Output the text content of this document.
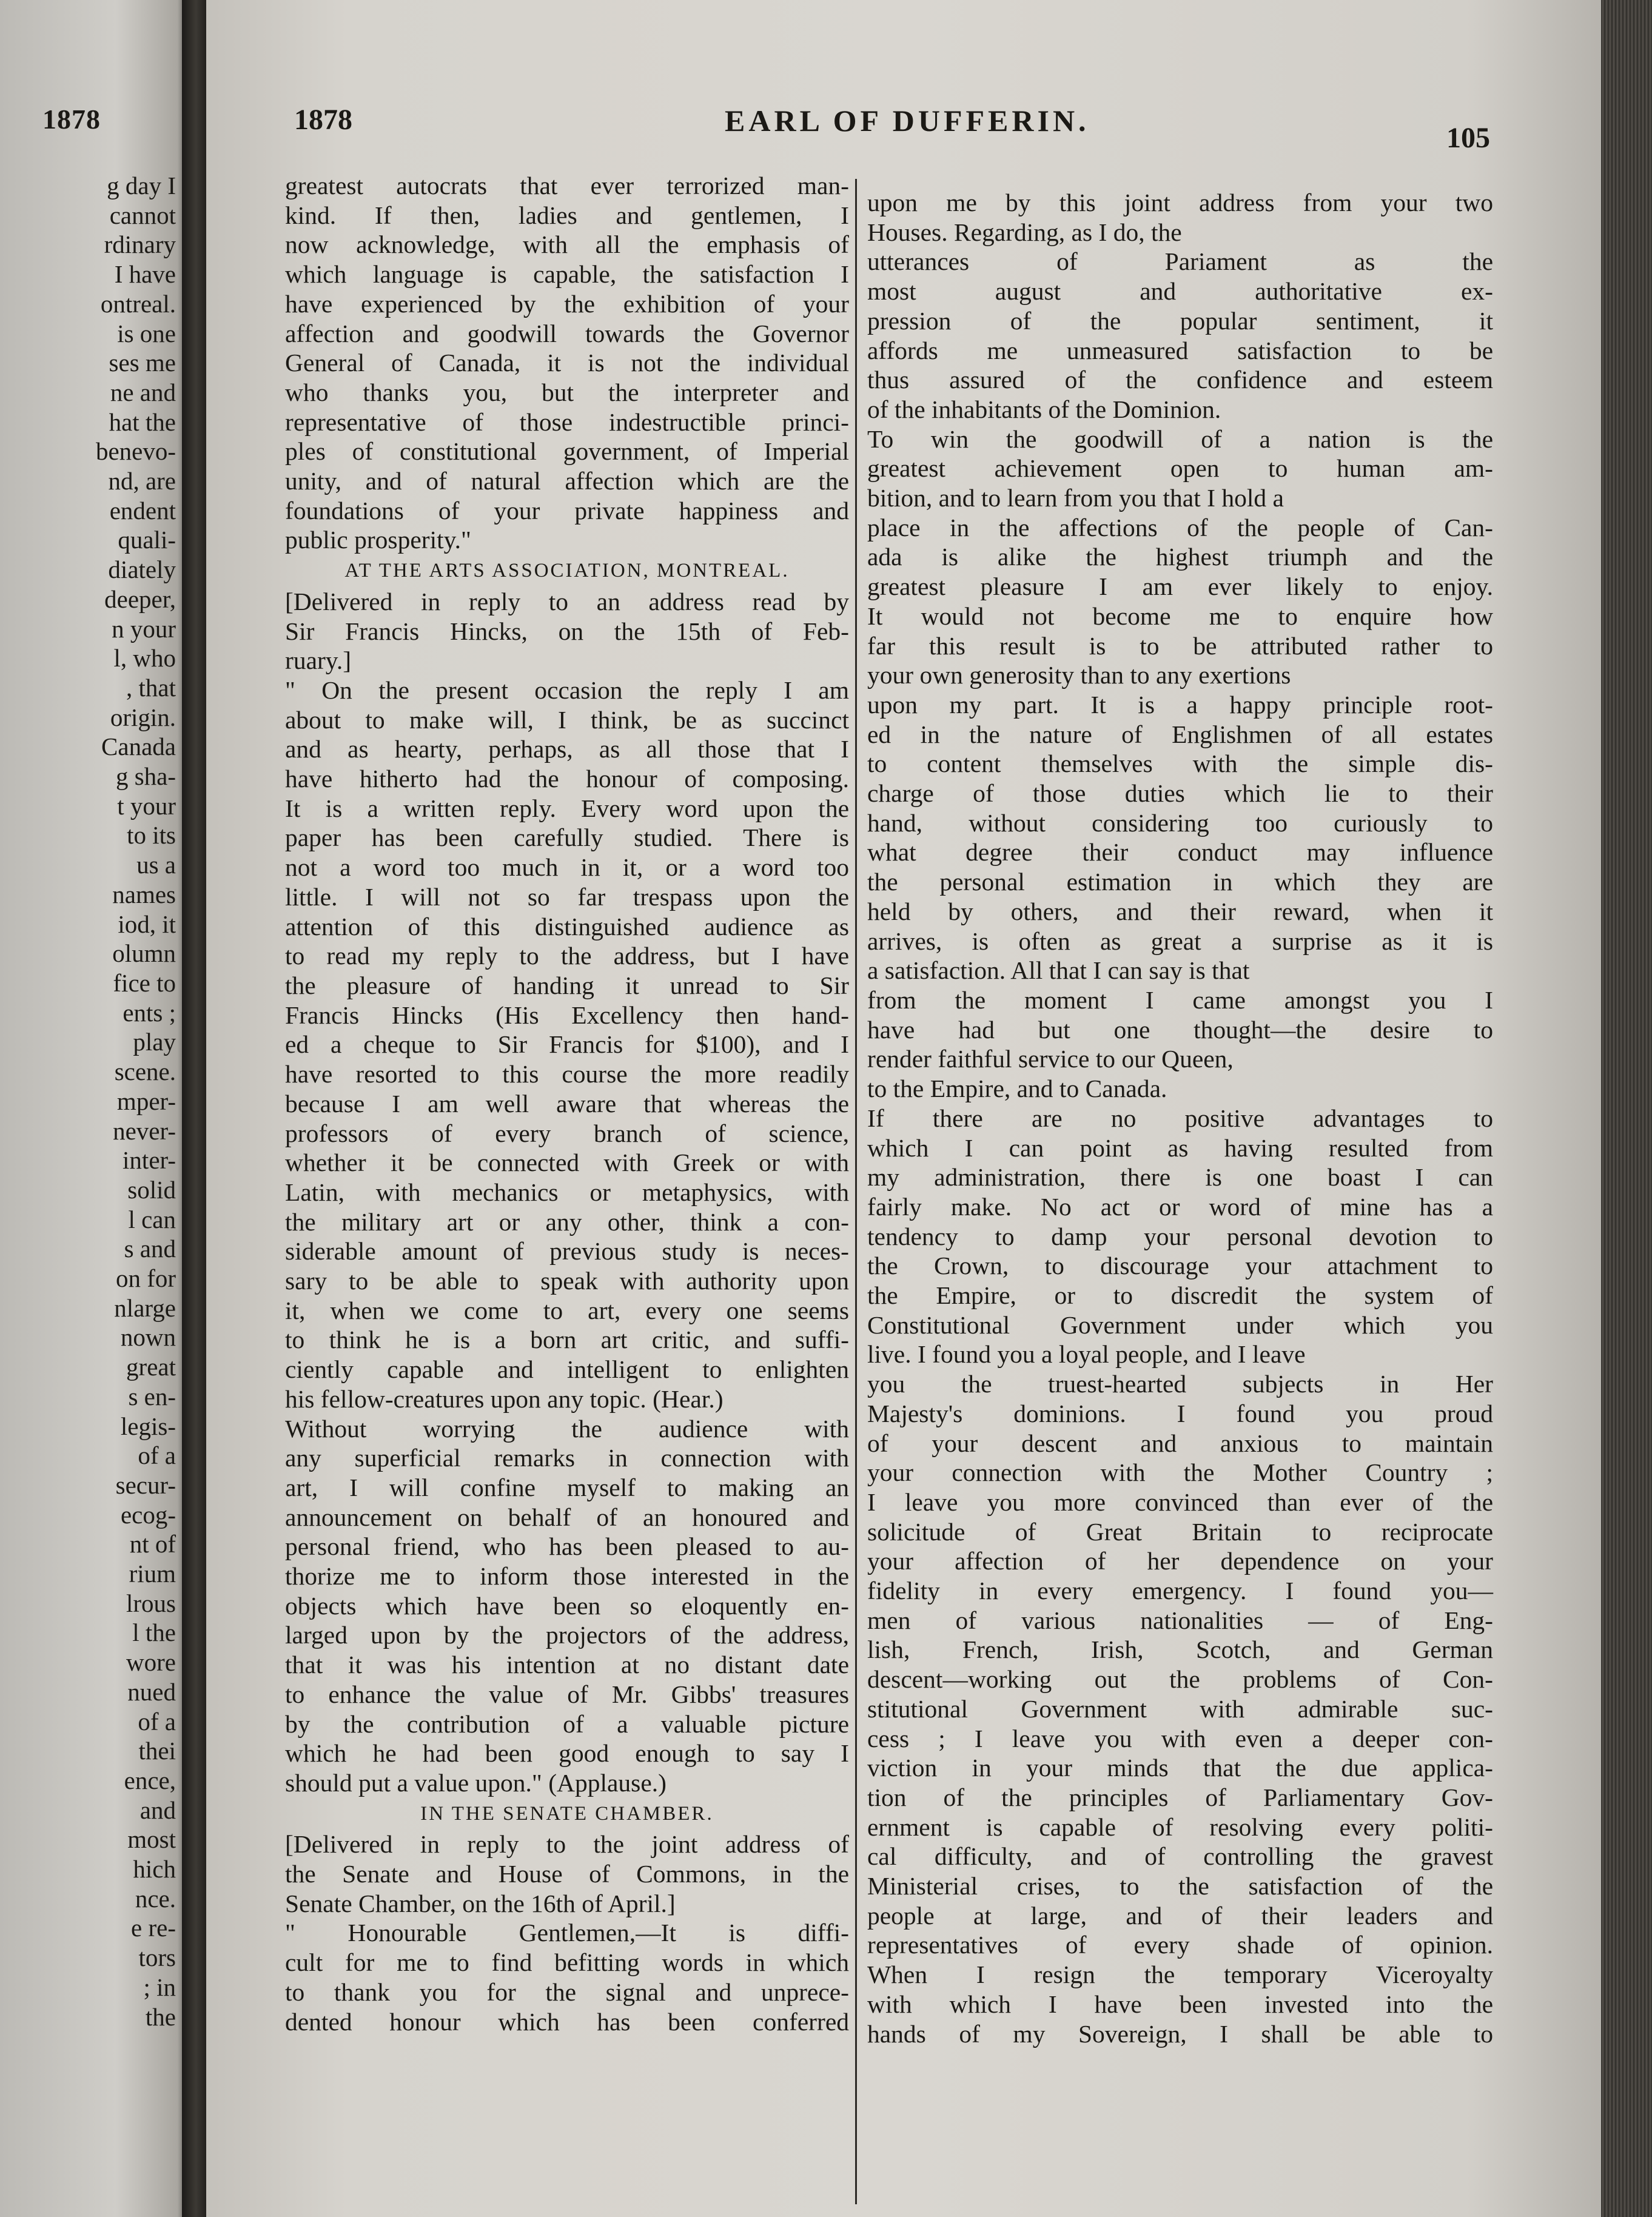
1878
g day I
cannot
rdinary
I have
ontreal.
is one
ses me
ne and
hat the
benevo-
nd, are
endent
quali-
diately
deeper,
n your
l, who
, that
origin.
Canada
g sha-
t your
to its
us a
names
iod, it
olumn
fice to
ents ;
play
scene.
mper-
never-
inter-
solid
l can
s and
on for
nlarge
nown
great
s en-
legis-
of a
secur-
ecog-
nt of
rium
lrous
l the
wore
nued
of a
thei
ence,
and
most
hich
nce.
e re-
tors
; in
the
1878	EARL OF DUFFERIN.
105
greatest autocrats that ever terrorized man-
kind. If then, ladies and gentlemen, I
now acknowledge, with all the emphasis of
which language is capable, the satisfaction I
have experienced by the exhibition of your
affection and goodwill towards the Governor
General of Canada, it is not the individual
who thanks you, but the interpreter and
representative of those indestructible princi-
ples of constitutional government, of Imperial
unity, and of natural affection which are the
foundations of your private happiness and
public prosperity."
AT THE ARTS ASSOCIATION, MONTREAL.
[Delivered in reply to an address read by
Sir Francis Hincks, on the 15th of Feb-
ruary.]
" On the present occasion the reply I am
about to make will, I think, be as succinct
and as hearty, perhaps, as all those that I
have hitherto had the honour of composing.
It is a written reply. Every word upon the
paper has been carefully studied. There is
not a word too much in it, or a word too
little. I will not so far trespass upon the
attention of this distinguished audience as
to read my reply to the address, but I have
the pleasure of handing it unread to Sir
Francis Hincks (His Excellency then hand-
ed a cheque to Sir Francis for $100), and I
have resorted to this course the more readily
because I am well aware that whereas the
professors of every branch of science,
whether it be connected with Greek or with
Latin, with mechanics or metaphysics, with
the military art or any other, think a con-
siderable amount of previous study is neces-
sary to be able to speak with authority upon
it, when we come to art, every one seems
to think he is a born art critic, and suffi-
ciently capable and intelligent to enlighten
his fellow-creatures upon any topic. (Hear.)
Without worrying the audience with
any superficial remarks in connection with
art, I will confine myself to making an
announcement on behalf of an honoured and
personal friend, who has been pleased to au-
thorize me to inform those interested in the
objects which have been so eloquently en-
larged upon by the projectors of the address,
that it was his intention at no distant date
to enhance the value of Mr. Gibbs' treasures
by the contribution of a valuable picture
which he had been good enough to say I
should put a value upon." (Applause.)
IN THE SENATE CHAMBER.
[Delivered in reply to the joint address of
the Senate and House of Commons, in the
Senate Chamber, on the 16th of April.]
" Honourable Gentlemen,—It is diffi-
cult for me to find befitting words in which
to thank you for the signal and unprece-
dented honour which has been conferred
upon me by this joint address from your two
Houses. Regarding, as I do, the
utterances of Pariament as the
most august and authoritative ex-
pression of the popular sentiment, it
affords me unmeasured satisfaction to be
thus assured of the confidence and esteem
of the inhabitants of the Dominion.
To win the goodwill of a nation is the
greatest achievement open to human am-
bition, and to learn from you that I hold a
place in the affections of the people of Can-
ada is alike the highest triumph and the
greatest pleasure I am ever likely to enjoy.
It would not become me to enquire how
far this result is to be attributed rather to
your own generosity than to any exertions
upon my part. It is a happy principle root-
ed in the nature of Englishmen of all estates
to content themselves with the simple dis-
charge of those duties which lie to their
hand, without considering too curiously to
what degree their conduct may influence
the personal estimation in which they are
held by others, and their reward, when it
arrives, is often as great a surprise as it is
a satisfaction. All that I can say is that
from the moment I came amongst you I
have had but one thought—the desire to
render faithful service to our Queen,
to the Empire, and to Canada.
If there are no positive advantages to
which I can point as having resulted from
my administration, there is one boast I can
fairly make. No act or word of mine has a
tendency to damp your personal devotion to
the Crown, to discourage your attachment to
the Empire, or to discredit the system of
Constitutional Government under which you
live. I found you a loyal people, and I leave
you the truest-hearted subjects in Her
Majesty's dominions. I found you proud
of your descent and anxious to maintain
your connection with the Mother Country ;
I leave you more convinced than ever of the
solicitude of Great Britain to reciprocate
your affection of her dependence on your
fidelity in every emergency. I found you—
men of various nationalities — of Eng-
lish, French, Irish, Scotch, and German
descent—working out the problems of Con-
stitutional Government with admirable suc-
cess ; I leave you with even a deeper con-
viction in your minds that the due applica-
tion of the principles of Parliamentary Gov-
ernment is capable of resolving every politi-
cal difficulty, and of controlling the gravest
Ministerial crises, to the satisfaction of the
people at large, and of their leaders and
representatives of every shade of opinion.
When I resign the temporary Viceroyalty
with which I have been invested into the
hands of my Sovereign, I shall be able to
